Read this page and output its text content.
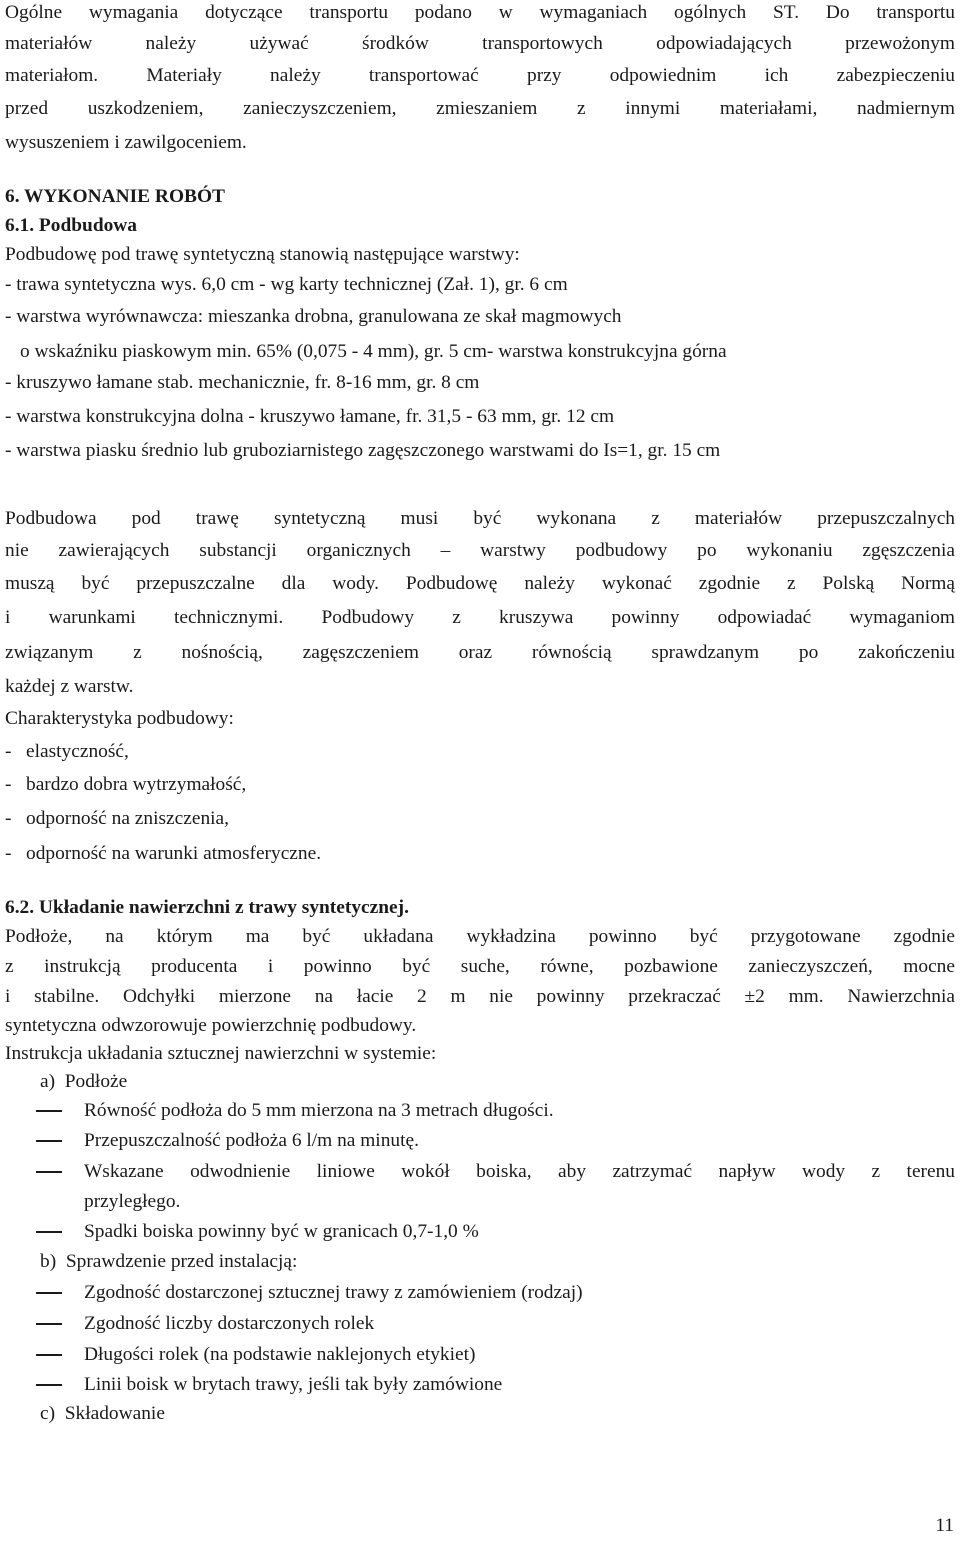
Ogólne wymagania dotyczące transportu podano w wymaganiach ogólnych ST. Do transportu
materiałów należy używać środków transportowych odpowiadających przewożonym
materiałom. Materiały należy transportować przy odpowiednim ich zabezpieczeniu
przed uszkodzeniem, zanieczyszczeniem, zmieszaniem z innymi materiałami, nadmiernym
wysuszeniem i zawilgoceniem.
6. WYKONANIE ROBÓT
6.1. Podbudowa
Podbudowę pod trawę syntetyczną stanowią następujące warstwy:
- trawa syntetyczna wys. 6,0 cm - wg karty technicznej (Zał. 1), gr. 6 cm
- warstwa wyrównawcza: mieszanka drobna, granulowana ze skał magmowych
o wskaźniku piaskowym min. 65% (0,075 - 4 mm), gr. 5 cm- warstwa konstrukcyjna górna
- kruszywo łamane stab. mechanicznie, fr. 8-16 mm, gr. 8 cm
- warstwa konstrukcyjna dolna - kruszywo łamane, fr. 31,5 - 63 mm, gr. 12 cm
- warstwa piasku średnio lub gruboziarnistego zagęszczonego warstwami do Is=1, gr. 15 cm
Podbudowa pod trawę syntetyczną musi być wykonana z materiałów przepuszczalnych
nie zawierających substancji organicznych – warstwy podbudowy po wykonaniu zgęszczenia
muszą być przepuszczalne dla wody. Podbudowę należy wykonać zgodnie z Polską Normą
i warunkami technicznymi. Podbudowy z kruszywa powinny odpowiadać wymaganiom
związanym z nośnością, zagęszczeniem oraz równością sprawdzanym po zakończeniu
każdej z warstw.
Charakterystyka podbudowy:
-   elastyczność,
-   bardzo dobra wytrzymałość,
-   odporność na zniszczenia,
-   odporność na warunki atmosferyczne.
6.2. Układanie nawierzchni z trawy syntetycznej.
Podłoże, na którym ma być układana wykładzina powinno być przygotowane zgodnie
z instrukcją producenta i powinno być suche, równe, pozbawione zanieczyszczeń, mocne
i stabilne. Odchyłki mierzone na łacie 2 m nie powinny przekraczać ±2 mm. Nawierzchnia
syntetyczna odwzorowuje powierzchnię podbudowy.
Instrukcja układania sztucznej nawierzchni w systemie:
a)  Podłoże
Równość podłoża do 5 mm mierzona na 3 metrach długości.
Przepuszczalność podłoża 6 l/m na minutę.
Wskazane odwodnienie liniowe wokół boiska, aby zatrzymać napływ wody z terenu
przyległego.
Spadki boiska powinny być w granicach 0,7-1,0 %
b)  Sprawdzenie przed instalacją:
Zgodność dostarczonej sztucznej trawy z zamówieniem (rodzaj)
Zgodność liczby dostarczonych rolek
Długości rolek (na podstawie naklejonych etykiet)
Linii boisk w brytach trawy, jeśli tak były zamówione
c)  Składowanie
11
